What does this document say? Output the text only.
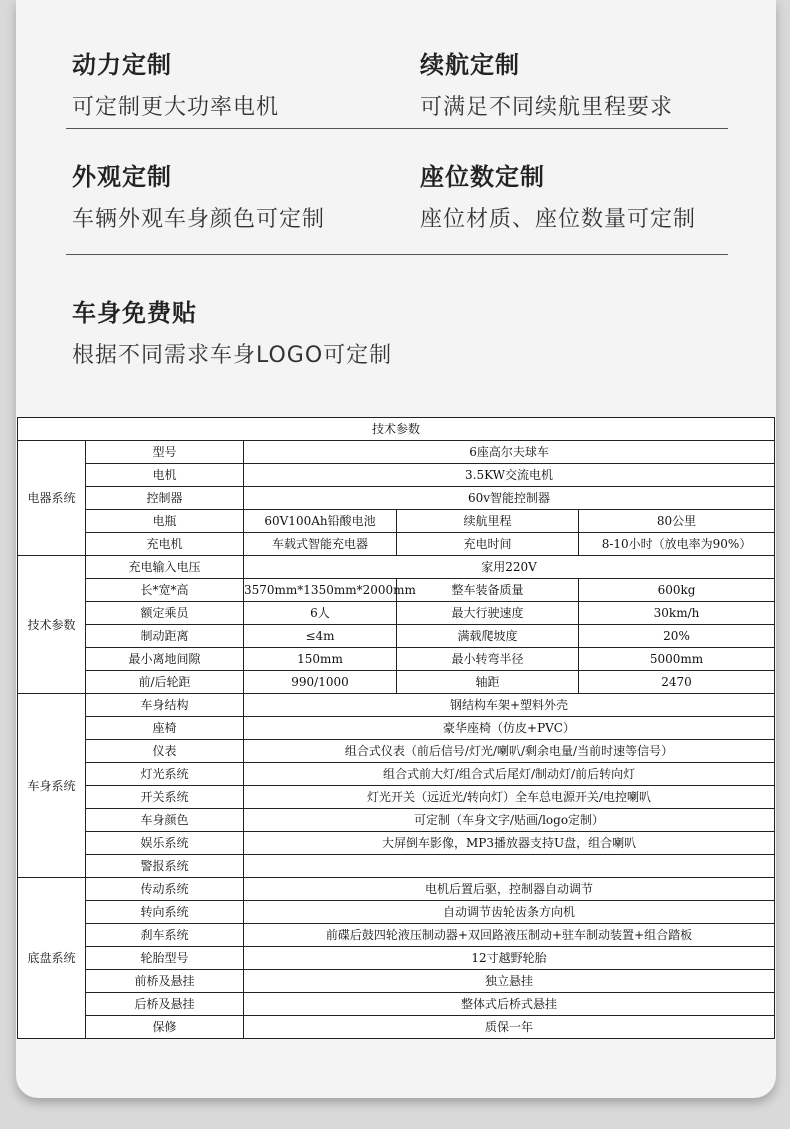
动力定制
可定制更大功率电机
续航定制
可满足不同续航里程要求
外观定制
车辆外观车身颜色可定制
座位数定制
座位材质、座位数量可定制
车身免费贴
根据不同需求车身LOGO可定制
技术参数				
电器系统	型号	6座高尔夫球车		
	电机	3.5KW交流电机		
	控制器	60v智能控制器		
	电瓶	60V100Ah铅酸电池	续航里程	80公里
	充电机	车载式智能充电器	充电时间	8-10小时（放电率为90%）
技术参数	充电输入电压	家用220V		
	长*宽*高	3570mm*1350mm*2000mm	整车装备质量	600kg
	额定乘员	6人	最大行驶速度	30km/h
	制动距离	≤4m	满载爬坡度	20%
	最小离地间隙	150mm	最小转弯半径	5000mm
	前/后轮距	990/1000	轴距	2470
车身系统	车身结构	钢结构车架+塑料外壳		
	座椅	豪华座椅（仿皮+PVC）		
	仪表	组合式仪表（前后信号/灯光/喇叭/剩余电量/当前时速等信号）		
	灯光系统	组合式前大灯/组合式后尾灯/制动灯/前后转向灯		
	开关系统	灯光开关（远近光/转向灯）全车总电源开关/电控喇叭		
	车身颜色	可定制（车身文字/贴画/logo定制）		
	娱乐系统	大屏倒车影像，MP3播放器支持U盘，组合喇叭		
	警报系统			
底盘系统	传动系统	电机后置后驱，控制器自动调节		
	转向系统	自动调节齿轮齿条方向机		
	刹车系统	前碟后鼓四轮液压制动器+双回路液压制动+驻车制动装置+组合踏板		
	轮胎型号	12寸越野轮胎		
	前桥及悬挂	独立悬挂		
	后桥及悬挂	整体式后桥式悬挂		
	保修	质保一年		
